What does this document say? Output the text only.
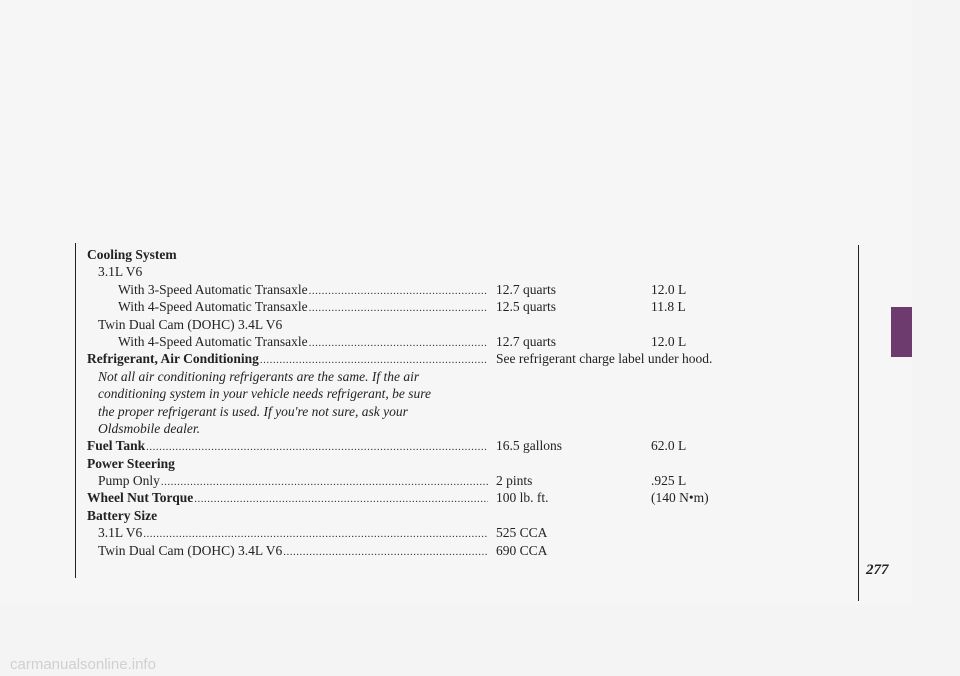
277
Cooling System
3.1L V6
With 3-Speed Automatic Transaxle .....	12.7 quarts	12.0 L
With 4-Speed Automatic Transaxle .....	12.5 quarts	11.8 L
Twin Dual Cam (DOHC) 3.4L V6
With 4-Speed Automatic Transaxle .....	12.7 quarts	12.0 L
Refrigerant, Air Conditioning .....	See refrigerant charge label under hood.
Not all air conditioning refrigerants are the same. If the air
conditioning system in your vehicle needs refrigerant, be sure
the proper refrigerant is used. If you're not sure, ask your
Oldsmobile dealer.
Fuel Tank .....	16.5 gallons	62.0 L
Power Steering
Pump Only .....	2 pints	.925 L
Wheel Nut Torque .....	100 lb. ft.	(140 N•m)
Battery Size
3.1L V6 .....	525 CCA
Twin Dual Cam (DOHC) 3.4L V6 .....	690 CCA
carmanualsonline.info
